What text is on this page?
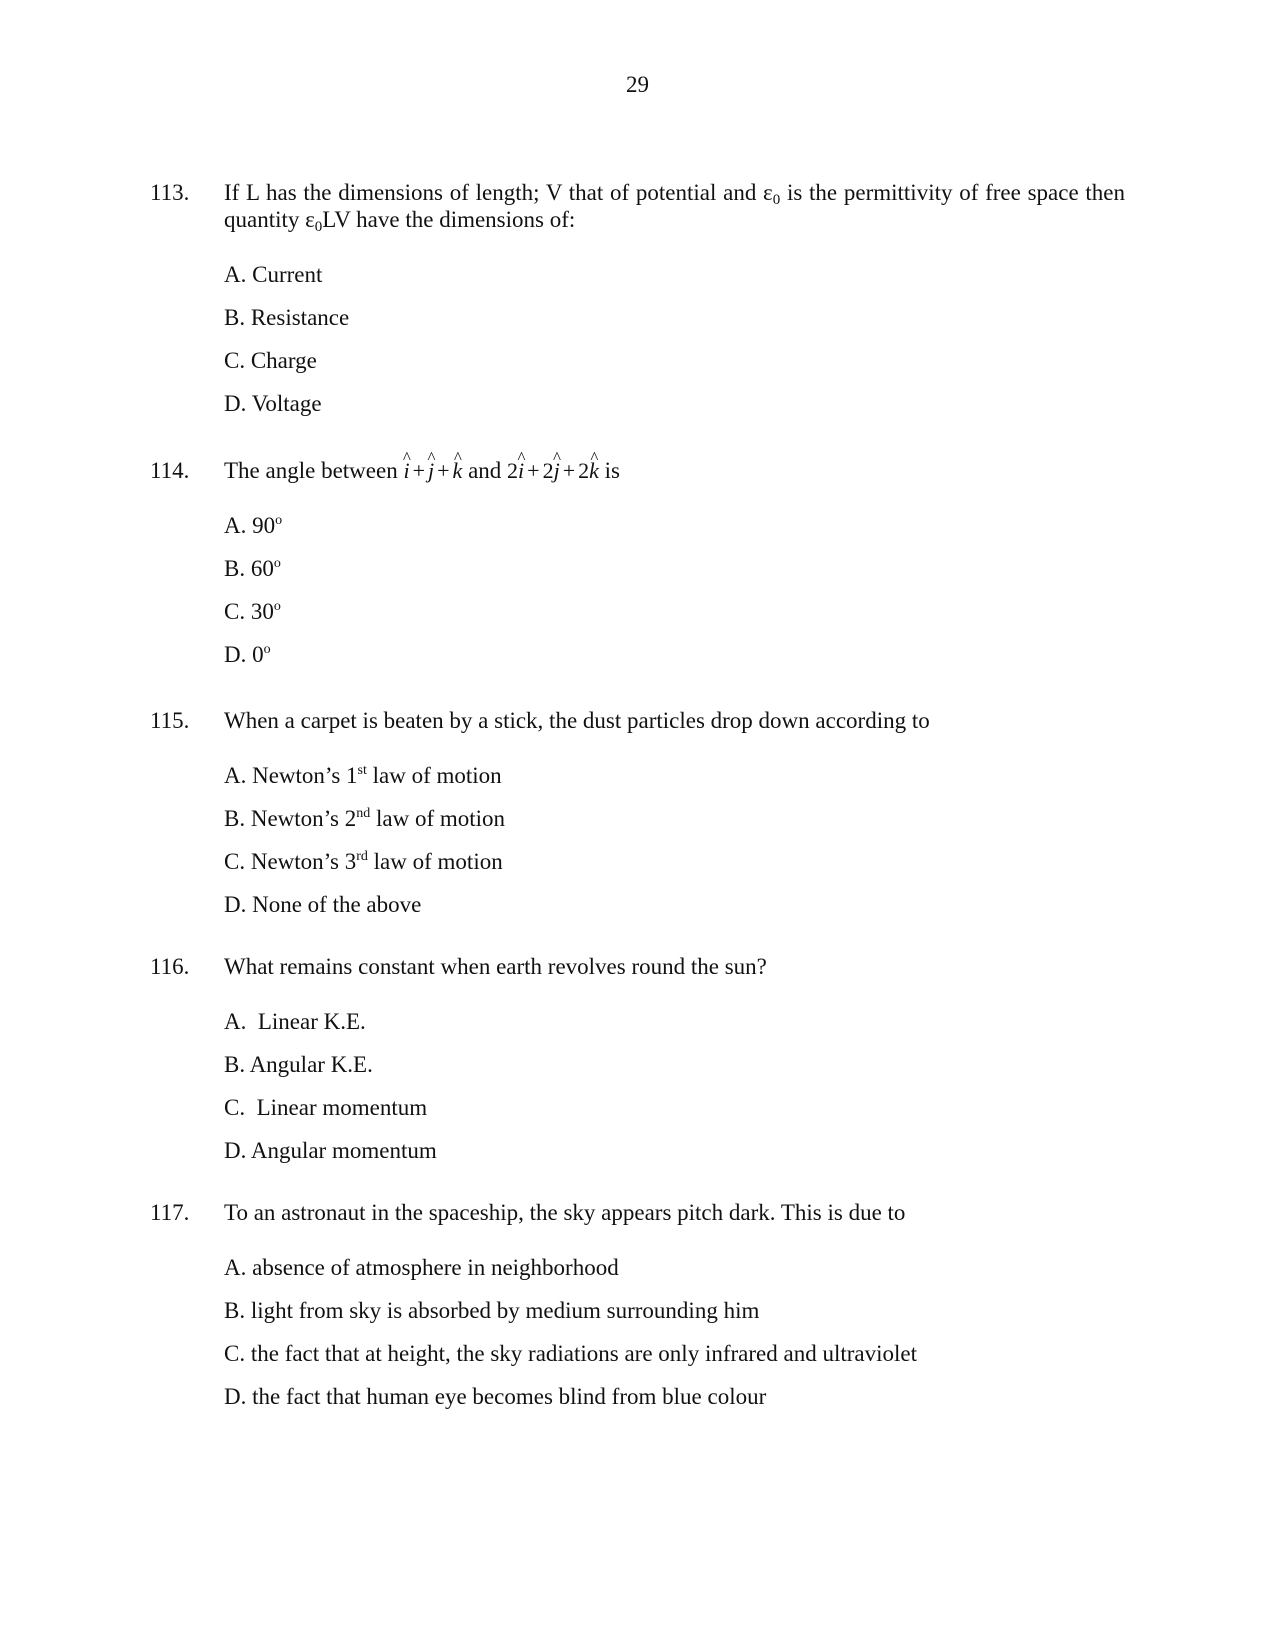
29
113. If L has the dimensions of length; V that of potential and $\varepsilon_0$ is the permittivity of free space then quantity $\varepsilon_0LV$ have the dimensions of:
A. Current
B. Resistance
C. Charge
D. Voltage
114. The angle between i ^ + j ^ + k ^ and 2i ^ + 2j ^ + 2k ^ is
A. 90$^o$
B. 60$^o$
C. 30$^o$
D. 0$^o$
115. When a carpet is beaten by a stick, the dust particles drop down according to
A. Newton’s 1st law of motion
B. Newton’s 2nd law of motion
C. Newton’s 3rd law of motion
D. None of the above
116. What remains constant when earth revolves round the sun?
A.  Linear K.E.
B. Angular K.E.
C.  Linear momentum
D. Angular momentum
117. To an astronaut in the spaceship, the sky appears pitch dark. This is due to
A. absence of atmosphere in neighborhood
B. light from sky is absorbed by medium surrounding him
C. the fact that at height, the sky radiations are only infrared and ultraviolet
D. the fact that human eye becomes blind from blue colour
